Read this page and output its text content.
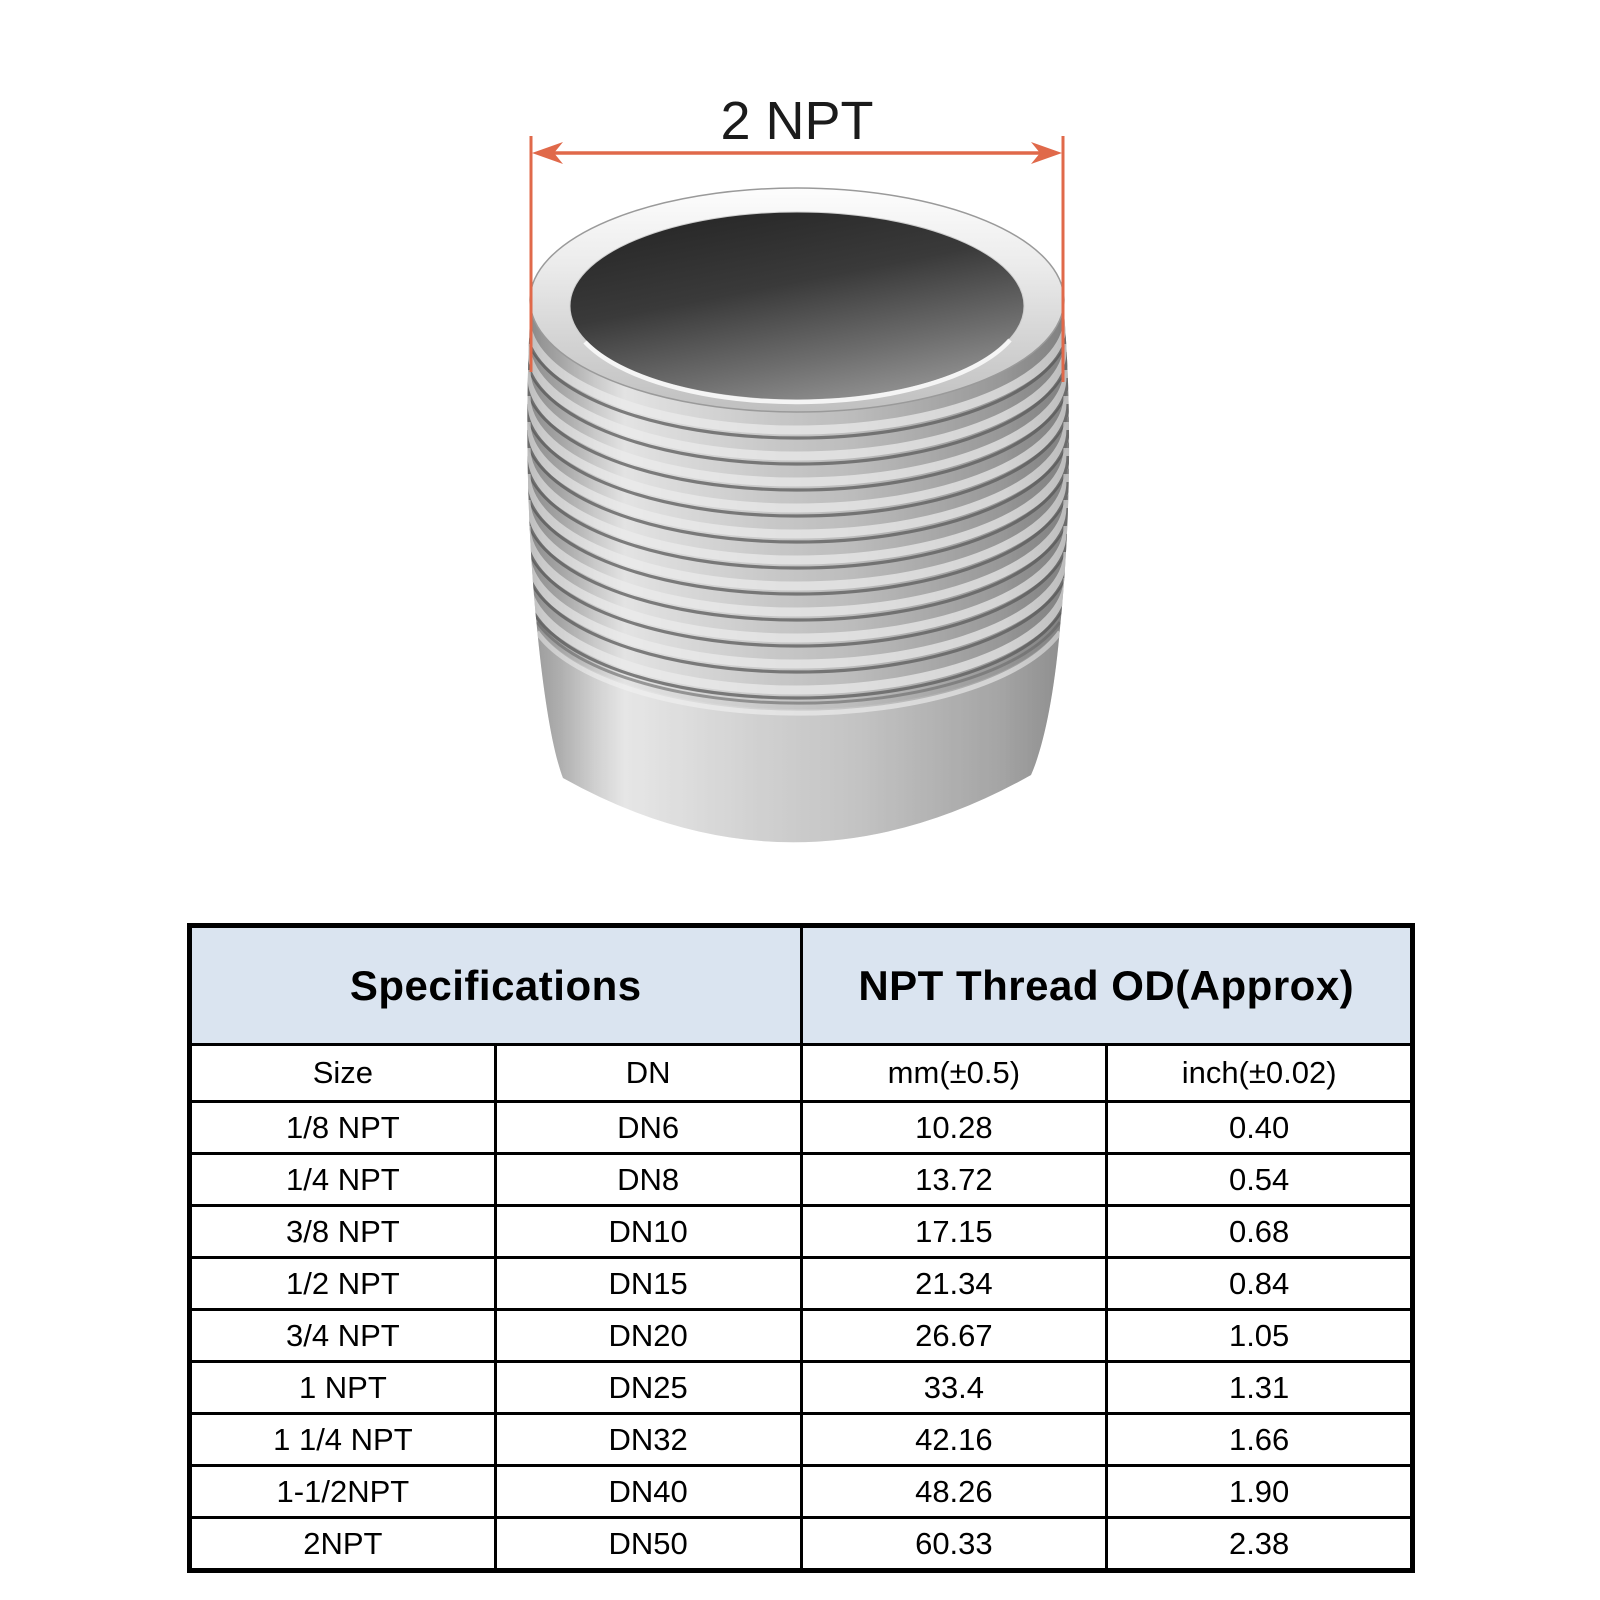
2 NPT
Specifications		NPT Thread OD(Approx)	
Size	DN	mm(±0.5)	inch(±0.02)
1/8 NPT	DN6	10.28	0.40
1/4 NPT	DN8	13.72	0.54
3/8 NPT	DN10	17.15	0.68
1/2 NPT	DN15	21.34	0.84
3/4 NPT	DN20	26.67	1.05
1 NPT	DN25	33.4	1.31
1 1/4 NPT	DN32	42.16	1.66
1-1/2NPT	DN40	48.26	1.90
2NPT	DN50	60.33	2.38
